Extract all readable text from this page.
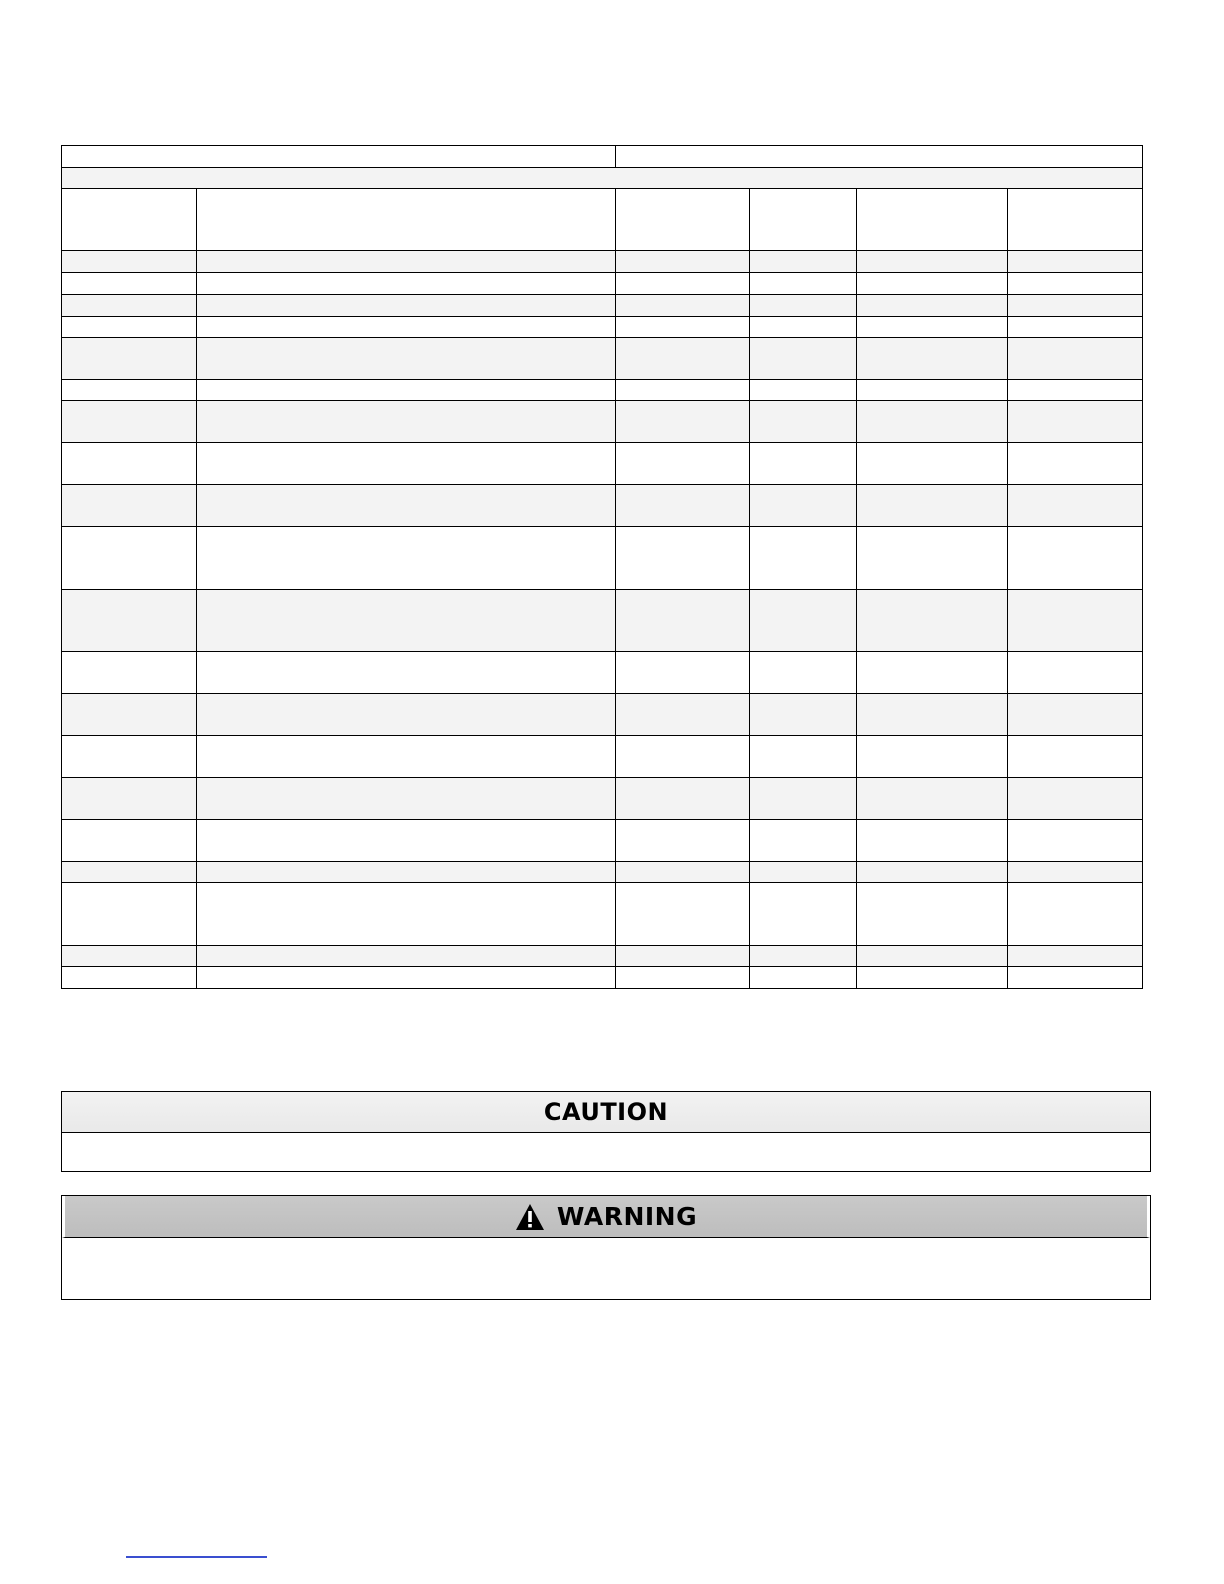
CAUTION
WARNING
